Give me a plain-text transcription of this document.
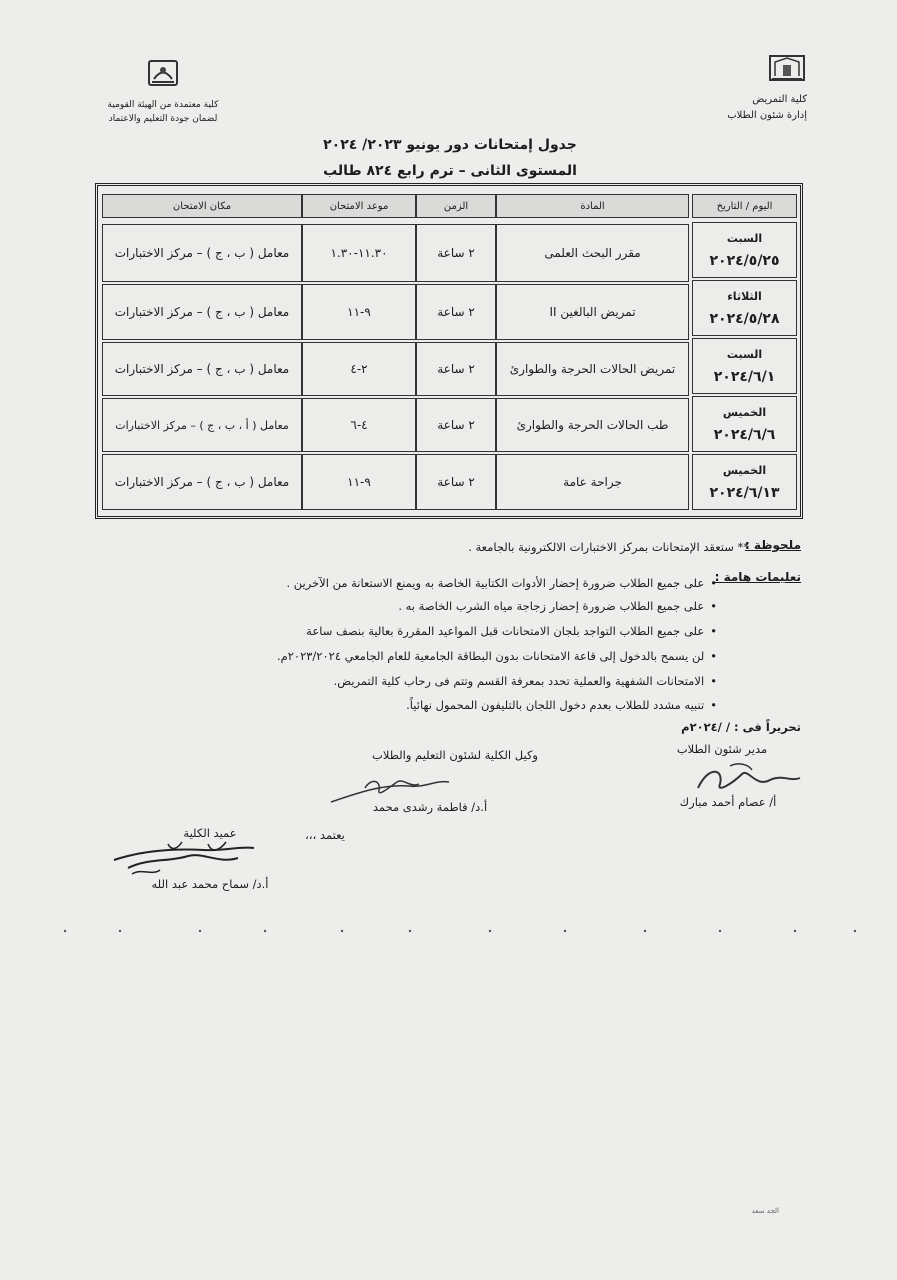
كلية التمريض
إدارة شئون الطلاب
كلية معتمدة من الهيئة القومية
لضمان جودة التعليم والاعتماد
جدول إمتحانات دور يونيو ٢٠٢٣/ ٢٠٢٤
المستوى الثانى – ترم رابع ٨٢٤ طالب
اليوم / التاريخ
المادة
الزمن
موعد الامتحان
مكان الامتحان
السبت
٢٠٢٤/٥/٢٥
الثلاثاء
٢٠٢٤/٥/٢٨
السبت
٢٠٢٤/٦/١
الخميس
٢٠٢٤/٦/٦
الخميس
٢٠٢٤/٦/١٣
مقرر البحث العلمى
٢ ساعة
١١.٣٠-١.٣٠
معامل ( ب ، ج ) – مركز الاختبارات
تمريض البالغين II
٢ ساعة
٩-١١
معامل ( ب ، ج ) – مركز الاختبارات
تمريض الحالات الحرجة والطوارئ
٢ ساعة
٢-٤
معامل ( ب ، ج ) – مركز الاختبارات
طب الحالات الحرجة والطوارئ
٢ ساعة
٤-٦
معامل ( أ ، ب ، ج ) – مركز الاختبارات
جراحة عامة
٢ ساعة
٩-١١
معامل ( ب ، ج ) – مركز الاختبارات
ملحوظة :
** ستعقد الإمتحانات بمركز الاختبارات الالكترونية بالجامعة .
تعليمات هامة :
•على جميع الطلاب ضرورة إحضار الأدوات الكتابية الخاصة به ويمنع الاستعانة من الآخرين .
•على جميع الطلاب ضرورة إحضار زجاجة مياه الشرب الخاصة به .
•على جميع الطلاب التواجد بلجان الامتحانات قبل المواعيد المقررة بعالية بنصف ساعة
•لن يسمح بالدخول إلى قاعة الامتحانات بدون البطاقة الجامعية للعام الجامعي ٢٠٢٣/٢٠٢٤م.
•الامتحانات الشفهية والعملية تحدد بمعرفة القسم وتتم فى رحاب كلية التمريض.
•تنبيه مشدد للطلاب بعدم دخول اللجان بالتليفون المحمول نهائياً.
تحريراً فى : / /٢٠٢٤م
مدير شئون الطلاب
أ/ عصام أحمد مبارك
وكيل الكلية لشئون التعليم والطلاب
أ.د/ فاطمة رشدى محمد
يعتمد ،،،
عميد الكلية
أ.د/ سماح محمد عبد الله
الجد سعد
